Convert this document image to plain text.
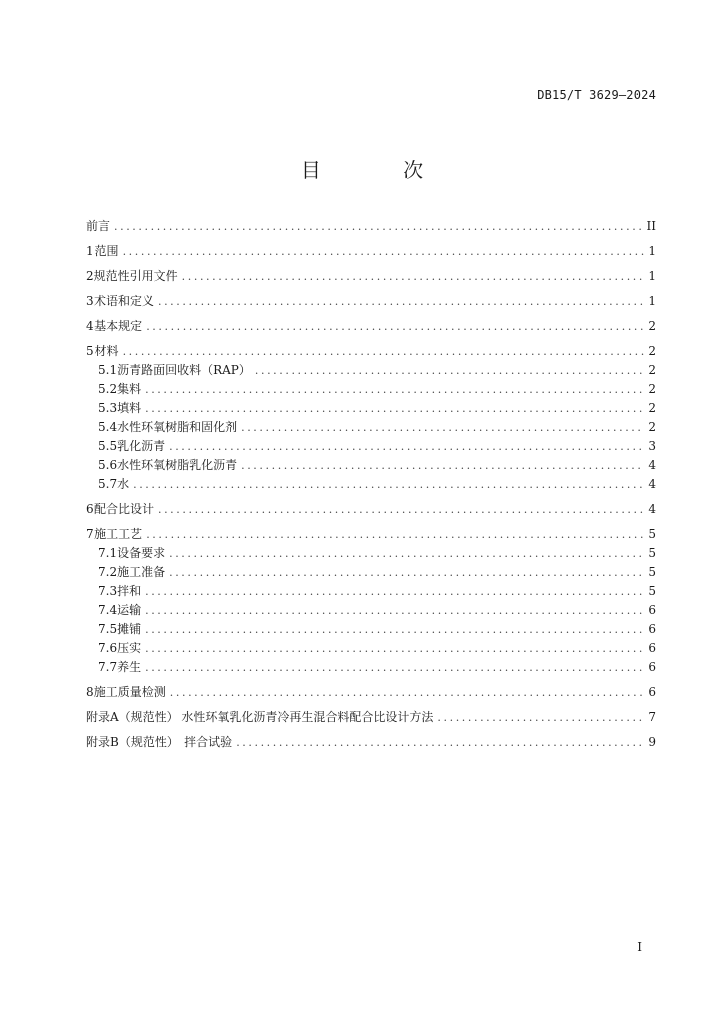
DB15/T 3629—2024
目 次
前言 .....	II
1 范围 .....	1
2 规范性引用文件 .....	1
3 术语和定义 .....	1
4 基本规定 .....	2
5 材料 .....	2
5.1 沥青路面回收料（RAP） .....	2
5.2 集料 .....	2
5.3 填料 .....	2
5.4 水性环氧树脂和固化剂 .....	2
5.5 乳化沥青 .....	3
5.6 水性环氧树脂乳化沥青 .....	4
5.7 水 .....	4
6 配合比设计 .....	4
7 施工工艺 .....	5
7.1 设备要求 .....	5
7.2 施工准备 .....	5
7.3 拌和 .....	5
7.4 运输 .....	6
7.5 摊铺 .....	6
7.6 压实 .....	6
7.7 养生 .....	6
8 施工质量检测 .....	6
附录A（规范性） 水性环氧乳化沥青冷再生混合料配合比设计方法 .....	7
附录B（规范性） 拌合试验 .....	9
I
